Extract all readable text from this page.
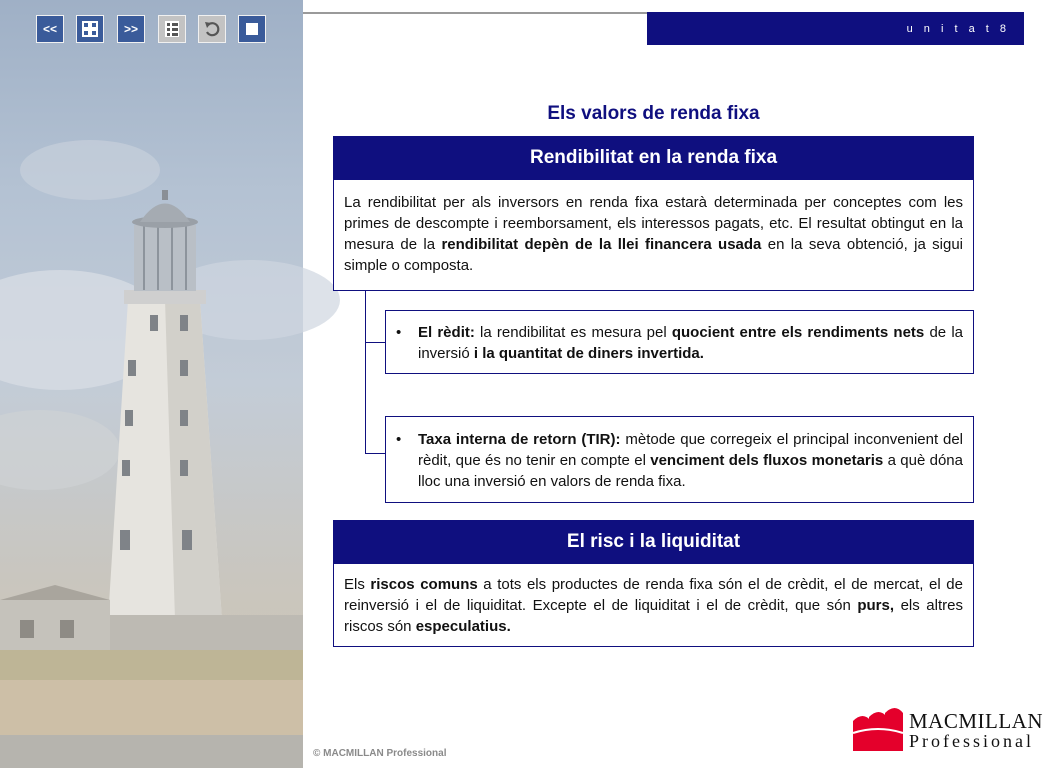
<<	>>	u n i t a t 8
Els valors de renda fixa
Rendibilitat en la renda fixa
La rendibilitat per als inversors en renda fixa estarà determinada per conceptes com les primes de descompte i reemborsament, els interessos pagats, etc. El resultat obtingut en la mesura de la rendibilitat depèn de la llei financera usada en la seva obtenció, ja sigui simple o composta.
•	El rèdit: la rendibilitat es mesura pel quocient entre els rendiments nets de la inversió i la quantitat de diners invertida.
•	Taxa interna de retorn (TIR): mètode que corregeix el principal inconvenient del rèdit, que és no tenir en compte el venciment dels fluxos monetaris a què dóna lloc una inversió en valors de renda fixa.
El risc i la liquiditat
Els riscos comuns a tots els productes de renda fixa són el de crèdit, el de mercat, el de reinversió i el de liquiditat. Excepte el de liquiditat i el de crèdit, que són purs, els altres riscos són especulatius.
© MACMILLAN Professional
MACMILLAN
Professional
